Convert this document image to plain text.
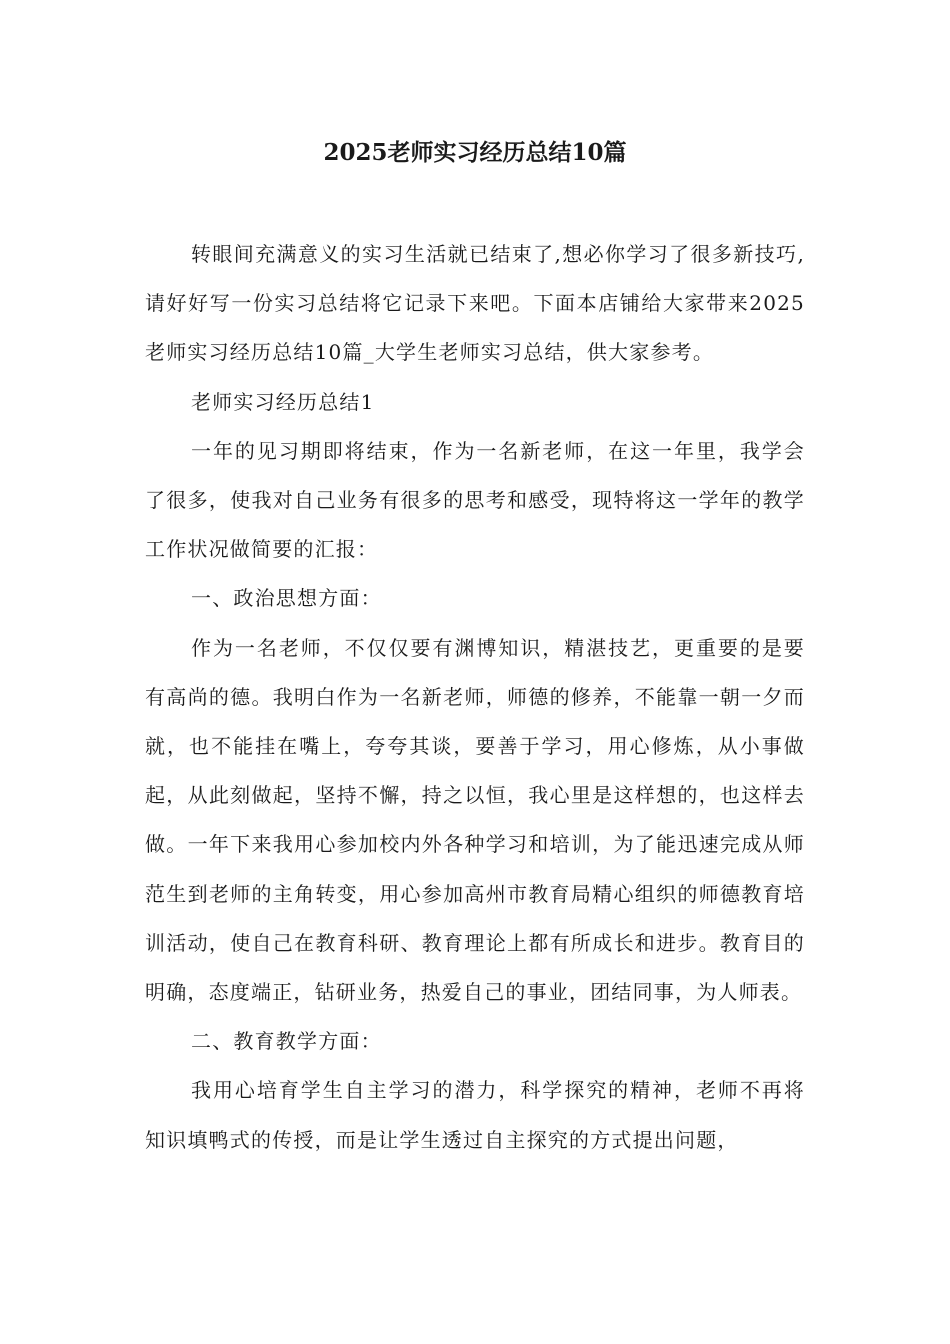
2025老师实习经历总结10篇

转眼间充满意义的实习生活就已结束了,想必你学习了很多新技巧,请好好写一份实习总结将它记录下来吧。下面本店铺给大家带来2025老师实习经历总结10篇_大学生老师实习总结，供大家参考。

老师实习经历总结1

一年的见习期即将结束，作为一名新老师，在这一年里，我学会了很多，使我对自己业务有很多的思考和感受，现特将这一学年的教学工作状况做简要的汇报：

一、政治思想方面：

作为一名老师，不仅仅要有渊博知识，精湛技艺，更重要的是要有高尚的德。我明白作为一名新老师，师德的修养，不能靠一朝一夕而就，也不能挂在嘴上，夸夸其谈，要善于学习，用心修炼，从小事做起，从此刻做起，坚持不懈，持之以恒，我心里是这样想的，也这样去做。一年下来我用心参加校内外各种学习和培训，为了能迅速完成从师范生到老师的主角转变，用心参加高州市教育局精心组织的师德教育培训活动，使自己在教育科研、教育理论上都有所成长和进步。教育目的明确，态度端正，钻研业务，热爱自己的事业，团结同事，为人师表。

二、教育教学方面：

我用心培育学生自主学习的潜力，科学探究的精神，老师不再将知识填鸭式的传授，而是让学生透过自主探究的方式提出问题，
